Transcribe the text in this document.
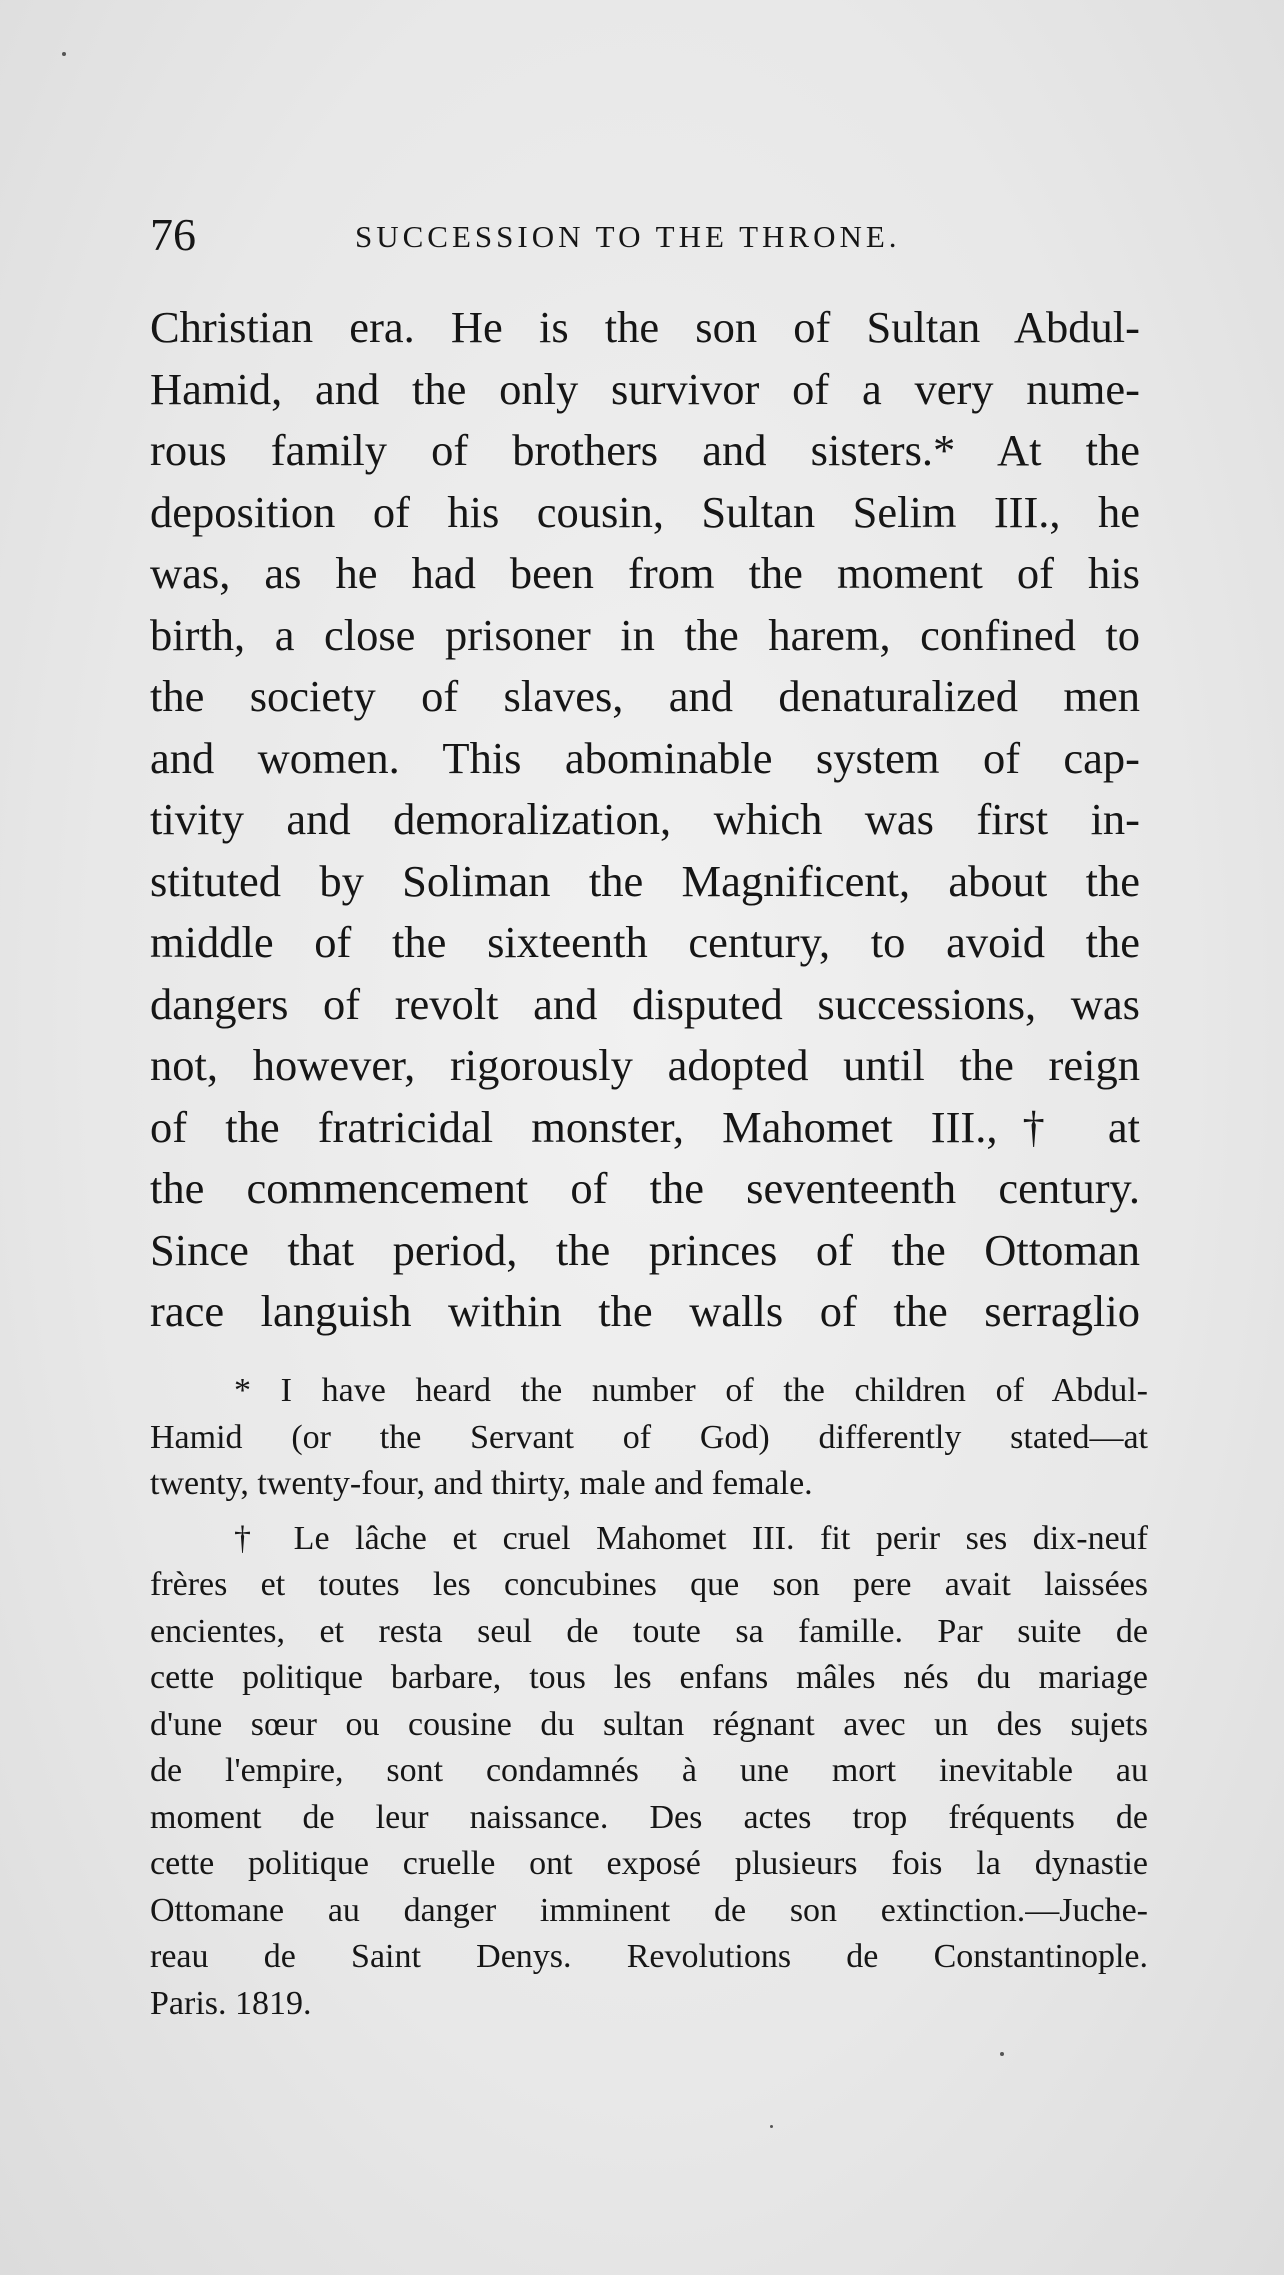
76	SUCCESSION TO THE THRONE.
Christian era. He is the son of Sultan Abdul-
Hamid, and the only survivor of a very nume-
rous family of brothers and sisters.* At the
deposition of his cousin, Sultan Selim III., he
was, as he had been from the moment of his
birth, a close prisoner in the harem, confined to
the society of slaves, and denaturalized men
and women. This abominable system of cap-
tivity and demoralization, which was first in-
stituted by Soliman the Magnificent, about the
middle of the sixteenth century, to avoid the
dangers of revolt and disputed successions, was
not, however, rigorously adopted until the reign
of the fratricidal monster, Mahomet III.,† at
the commencement of the seventeenth century.
Since that period, the princes of the Ottoman
race languish within the walls of the serraglio
* I have heard the number of the children of Abdul-
Hamid (or the Servant of God) differently stated—at
twenty, twenty-four, and thirty, male and female.
† Le lâche et cruel Mahomet III. fit perir ses dix-neuf
frères et toutes les concubines que son pere avait laissées
encientes, et resta seul de toute sa famille. Par suite de
cette politique barbare, tous les enfans mâles nés du mariage
d'une sœur ou cousine du sultan régnant avec un des sujets
de l'empire, sont condamnés à une mort inevitable au
moment de leur naissance. Des actes trop fréquents de
cette politique cruelle ont exposé plusieurs fois la dynastie
Ottomane au danger imminent de son extinction.—Juche-
reau de Saint Denys. Revolutions de Constantinople.
Paris. 1819.
